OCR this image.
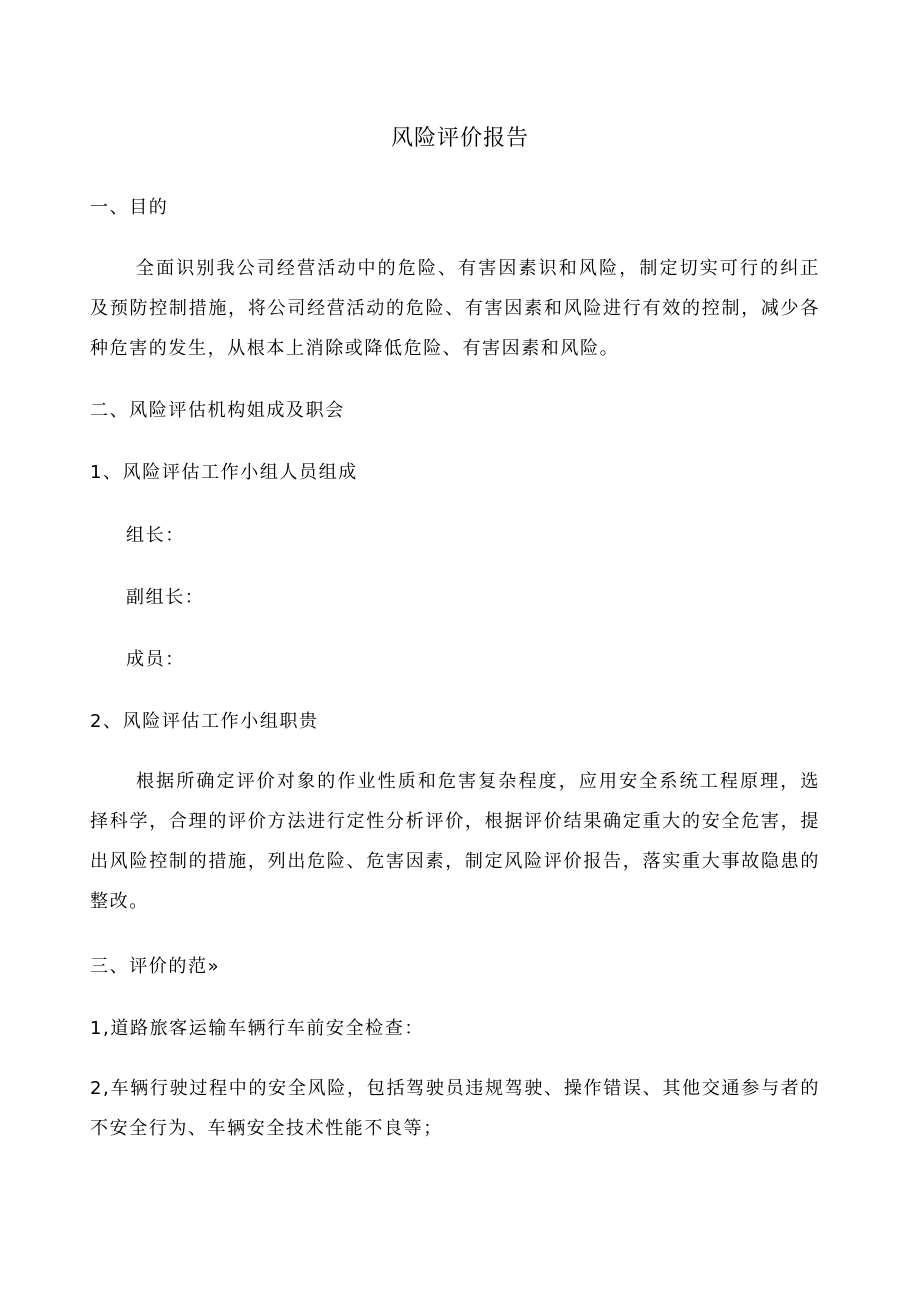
风险评价报告
一、目的
全面识别我公司经营活动中的危险、有害因素识和风险，制定切实可行的纠正及预防控制措施，将公司经营活动的危险、有害因素和风险进行有效的控制，减少各种危害的发生，从根本上消除或降低危险、有害因素和风险。
二、风险评估机构姐成及职会
1、风险评估工作小组人员组成
组长：
副组长：
成员：
2、风险评估工作小组职贵
根据所确定评价对象的作业性质和危害复杂程度，应用安全系统工程原理，选择科学，合理的评价方法进行定性分析评价，根据评价结果确定重大的安全危害，提出风险控制的措施，列出危险、危害因素，制定风险评价报告，落实重大事故隐患的整改。
三、评价的范»
1,道路旅客运输车辆行车前安全检查：
2,车辆行驶过程中的安全风险，包括驾驶员违规驾驶、操作错误、其他交通参与者的不安全行为、车辆安全技术性能不良等；
